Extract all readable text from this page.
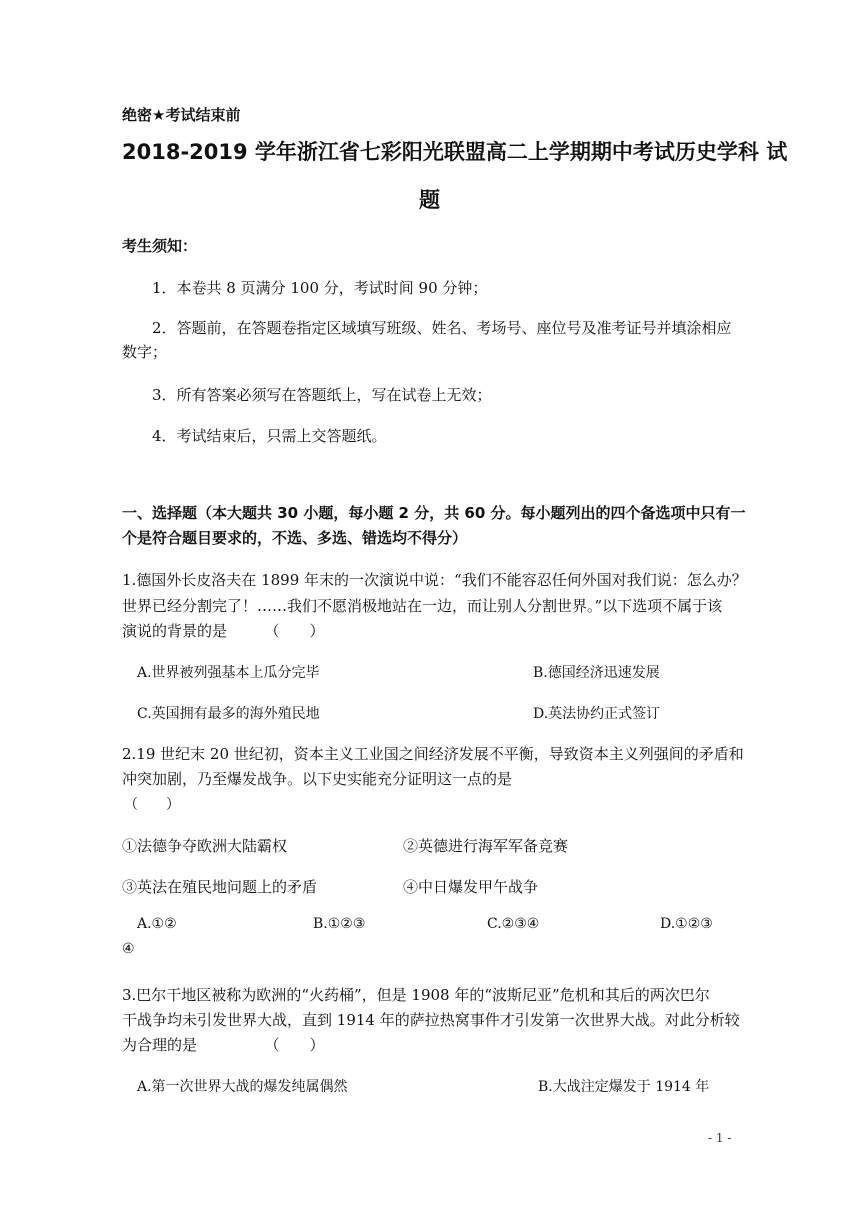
绝密★考试结束前
2018-2019 学年浙江省七彩阳光联盟高二上学期期中考试历史学科 试
题
考生须知：
1．本卷共 8 页满分 100 分，考试时间 90 分钟；
2．答题前，在答题卷指定区域填写班级、姓名、考场号、座位号及准考证号并填涂相应
数字；
3．所有答案必须写在答题纸上，写在试卷上无效；
4．考试结束后，只需上交答题纸。
一、选择题（本大题共 30 小题，每小题 2 分，共 60 分。每小题列出的四个备选项中只有一
个是符合题目要求的，不选、多选、错选均不得分）
1.德国外长皮洛夫在 1899 年末的一次演说中说：“我们不能容忍任何外国对我们说：怎么办？
世界已经分割完了！……我们不愿消极地站在一边，而让别人分割世界。”以下选项不属于该
演说的背景的是　　　（　　）
A.世界被列强基本上瓜分完毕	B.德国经济迅速发展
C.英国拥有最多的海外殖民地	D.英法协约正式签订
2.19 世纪末 20 世纪初，资本主义工业国之间经济发展不平衡，导致资本主义列强间的矛盾和
冲突加剧，乃至爆发战争。以下史实能充分证明这一点的是
（　　）
①法德争夺欧洲大陆霸权	②英德进行海军军备竞赛
③英法在殖民地问题上的矛盾	④中日爆发甲午战争
A.①②	B.①②③	C.②③④	D.①②③
④
3.巴尔干地区被称为欧洲的“火药桶”，但是 1908 年的“波斯尼亚”危机和其后的两次巴尔
干战争均未引发世界大战，直到 1914 年的萨拉热窝事件才引发第一次世界大战。对此分析较
为合理的是　　　　　（　　）
A.第一次世界大战的爆发纯属偶然	B.大战注定爆发于 1914 年
- 1 -
